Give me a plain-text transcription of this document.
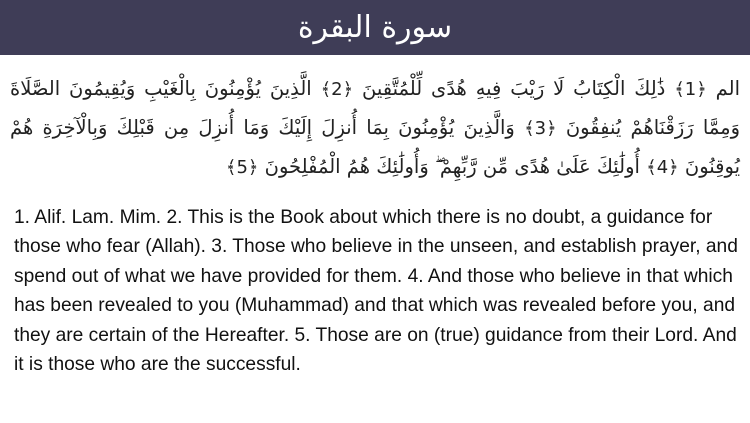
سورة البقرة
الم ﴿1﴾ ذَٰلِكَ الْكِتَابُ لَا رَيْبَ فِيهِ هُدًى لِّلْمُتَّقِينَ ﴿2﴾ الَّذِينَ يُؤْمِنُونَ بِالْغَيْبِ وَيُقِيمُونَ الصَّلَاةَ وَمِمَّا رَزَقْنَاهُمْ يُنفِقُونَ ﴿3﴾ وَالَّذِينَ يُؤْمِنُونَ بِمَا أُنزِلَ إِلَيْكَ وَمَا أُنزِلَ مِن قَبْلِكَ وَبِالْآخِرَةِ هُمْ يُوقِنُونَ ﴿4﴾ أُولَٰئِكَ عَلَىٰ هُدًى مِّن رَّبِّهِمْ ۖ وَأُولَٰئِكَ هُمُ الْمُفْلِحُونَ ﴿5﴾

1. Alif. Lam. Mim. 2. This is the Book about which there is no doubt, a guidance for those who fear (Allah). 3. Those who believe in the unseen, and establish prayer, and spend out of what we have provided for them. 4. And those who believe in that which has been revealed to you (Muhammad) and that which was revealed before you, and they are certain of the Hereafter. 5. Those are on (true) guidance from their Lord. And it is those who are the successful.
